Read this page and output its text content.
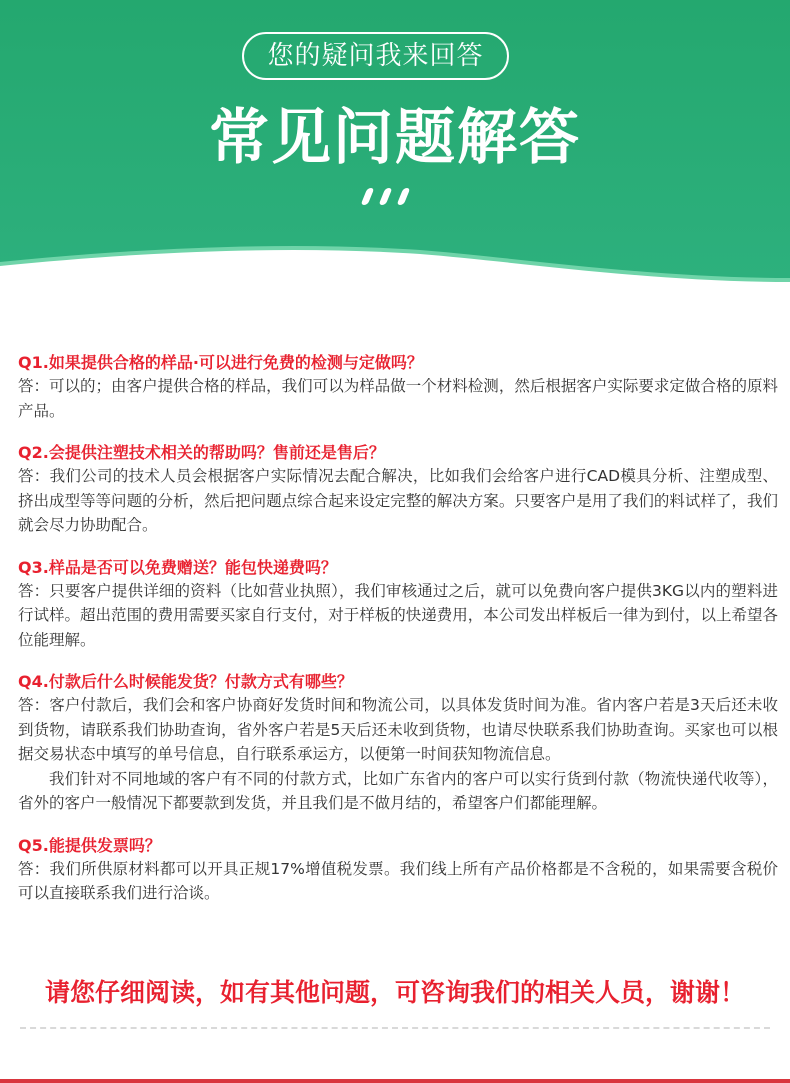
您的疑问我来回答
常见问题解答
Q1.如果提供合格的样品·可以进行免费的检测与定做吗？

答：可以的；由客户提供合格的样品，我们可以为样品做一个材料检测，然后根据客户实际要求定做合格的原料产品。

Q2.会提供注塑技术相关的帮助吗？售前还是售后？

答：我们公司的技术人员会根据客户实际情况去配合解决，比如我们会给客户进行CAD模具分析、注塑成型、挤出成型等等问题的分析，然后把问题点综合起来设定完整的解决方案。只要客户是用了我们的料试样了，我们就会尽力协助配合。

Q3.样品是否可以免费赠送？能包快递费吗？

答：只要客户提供详细的资料（比如营业执照），我们审核通过之后，就可以免费向客户提供3KG以内的塑料进行试样。超出范围的费用需要买家自行支付，对于样板的快递费用，本公司发出样板后一律为到付，以上希望各位能理解。

Q4.付款后什么时候能发货？付款方式有哪些？

答：客户付款后，我们会和客户协商好发货时间和物流公司，以具体发货时间为准。省内客户若是3天后还未收到货物，请联系我们协助查询，省外客户若是5天后还未收到货物，也请尽快联系我们协助查询。买家也可以根据交易状态中填写的单号信息，自行联系承运方，以便第一时间获知物流信息。

我们针对不同地域的客户有不同的付款方式，比如广东省内的客户可以实行货到付款（物流快递代收等），省外的客户一般情况下都要款到发货，并且我们是不做月结的，希望客户们都能理解。

Q5.能提供发票吗？

答：我们所供原材料都可以开具正规17%增值税发票。我们线上所有产品价格都是不含税的，如果需要含税价可以直接联系我们进行洽谈。

请您仔细阅读，如有其他问题，可咨询我们的相关人员，谢谢！
